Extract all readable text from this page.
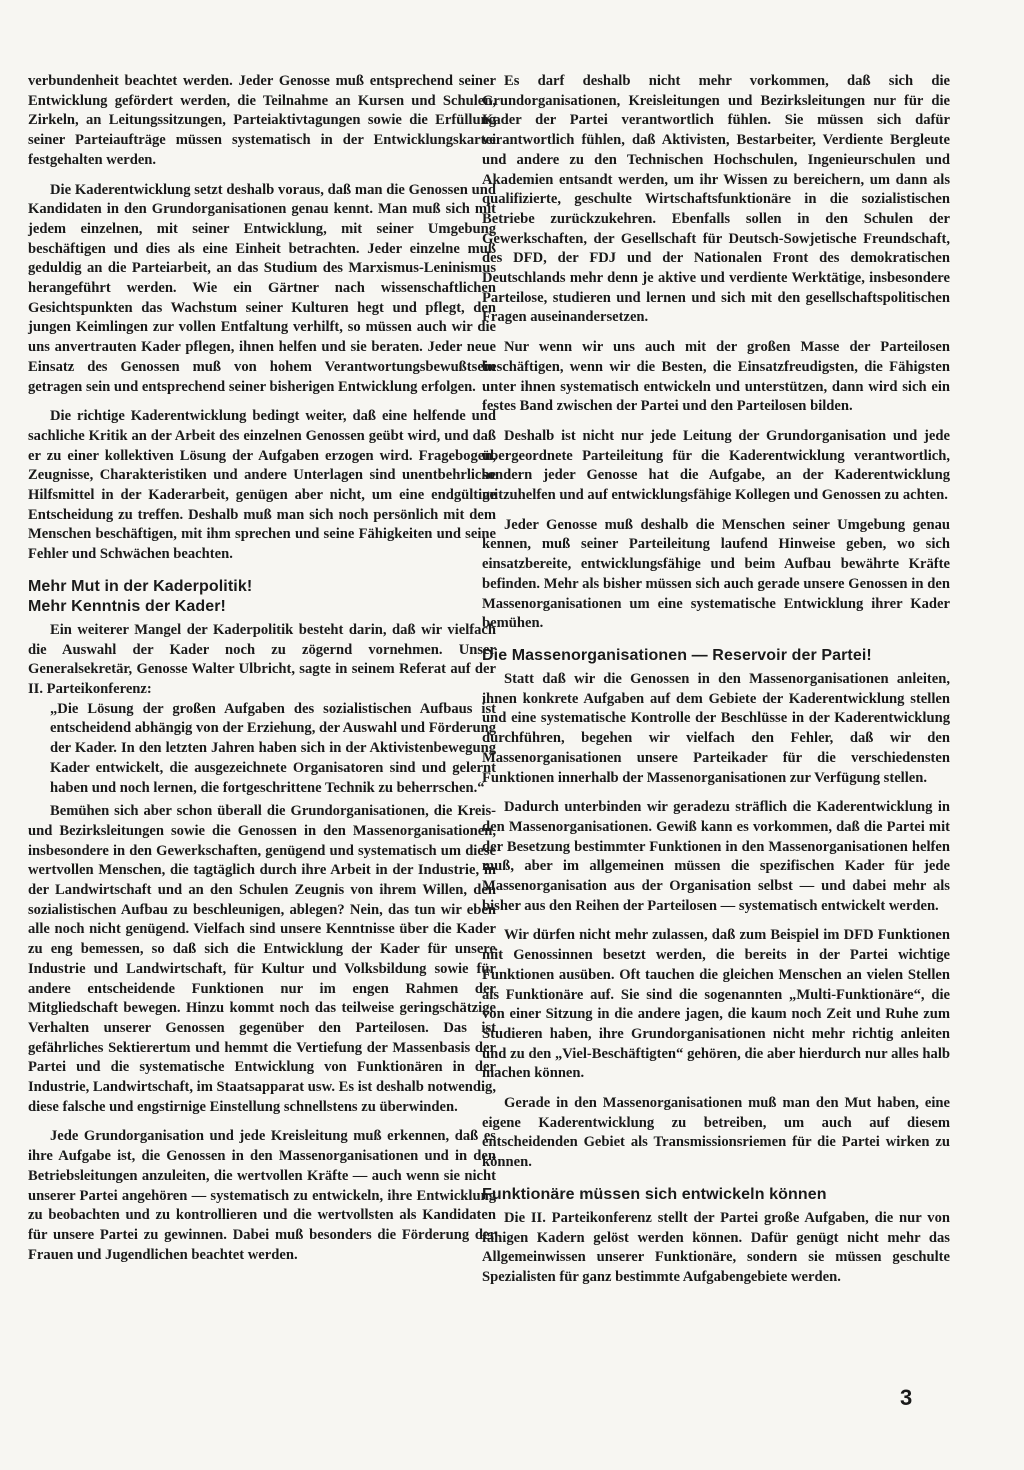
verbundenheit beachtet werden. Jeder Genosse muß entsprechend seiner Entwicklung gefördert werden, die Teilnahme an Kursen und Schulen, Zirkeln, an Leitungssitzungen, Parteiaktivtagungen sowie die Erfüllung seiner Parteiaufträge müssen systematisch in der Entwicklungskartei festgehalten werden.

Die Kaderentwicklung setzt deshalb voraus, daß man die Genossen und Kandidaten in den Grundorganisationen genau kennt. Man muß sich mit jedem einzelnen, mit seiner Entwicklung, mit seiner Umgebung beschäftigen und dies als eine Einheit betrachten. Jeder einzelne muß geduldig an die Parteiarbeit, an das Studium des Marxismus-Leninismus herangeführt werden. Wie ein Gärtner nach wissenschaftlichen Gesichtspunkten das Wachstum seiner Kulturen hegt und pflegt, den jungen Keimlingen zur vollen Entfaltung verhilft, so müssen auch wir die uns anvertrauten Kader pflegen, ihnen helfen und sie beraten. Jeder neue Einsatz des Genossen muß von hohem Verantwortungsbewußtsein getragen sein und entsprechend seiner bisherigen Entwicklung erfolgen.

Die richtige Kaderentwicklung bedingt weiter, daß eine helfende und sachliche Kritik an der Arbeit des einzelnen Genossen geübt wird, und daß er zu einer kollektiven Lösung der Aufgaben erzogen wird. Fragebogen, Zeugnisse, Charakteristiken und andere Unterlagen sind unentbehrliche Hilfsmittel in der Kaderarbeit, genügen aber nicht, um eine endgültige Entscheidung zu treffen. Deshalb muß man sich noch persönlich mit dem Menschen beschäftigen, mit ihm sprechen und seine Fähigkeiten und seine Fehler und Schwächen beachten.

Mehr Mut in der Kaderpolitik!
Mehr Kenntnis der Kader!

Ein weiterer Mangel der Kaderpolitik besteht darin, daß wir vielfach die Auswahl der Kader noch zu zögernd vornehmen. Unser Generalsekretär, Genosse Walter Ulbricht, sagte in seinem Referat auf der II. Parteikonferenz:

„Die Lösung der großen Aufgaben des sozialistischen Aufbaus ist entscheidend abhängig von der Erziehung, der Auswahl und Förderung der Kader. In den letzten Jahren haben sich in der Aktivistenbewegung Kader entwickelt, die ausgezeichnete Organisatoren sind und gelernt haben und noch lernen, die fortgeschrittene Technik zu beherrschen.“

Bemühen sich aber schon überall die Grundorganisationen, die Kreis- und Bezirksleitungen sowie die Genossen in den Massenorganisationen, insbesondere in den Gewerkschaften, genügend und systematisch um diese wertvollen Menschen, die tagtäglich durch ihre Arbeit in der Industrie, in der Landwirtschaft und an den Schulen Zeugnis von ihrem Willen, den sozialistischen Aufbau zu beschleunigen, ablegen? Nein, das tun wir eben alle noch nicht genügend. Vielfach sind unsere Kenntnisse über die Kader zu eng bemessen, so daß sich die Entwicklung der Kader für unsere Industrie und Landwirtschaft, für Kultur und Volksbildung sowie für andere entscheidende Funktionen nur im engen Rahmen der Mitgliedschaft bewegen. Hinzu kommt noch das teilweise geringschätzige Verhalten unserer Genossen gegenüber den Parteilosen. Das ist gefährliches Sektierertum und hemmt die Vertiefung der Massenbasis der Partei und die systematische Entwicklung von Funktionären in der Industrie, Landwirtschaft, im Staatsapparat usw. Es ist deshalb notwendig, diese falsche und engstirnige Einstellung schnellstens zu überwinden.

Jede Grundorganisation und jede Kreisleitung muß erkennen, daß es ihre Aufgabe ist, die Genossen in den Massenorganisationen und in den Betriebsleitungen anzuleiten, die wertvollen Kräfte — auch wenn sie nicht unserer Partei angehören — systematisch zu entwickeln, ihre Entwicklung zu beobachten und zu kontrollieren und die wertvollsten als Kandidaten für unsere Partei zu gewinnen. Dabei muß besonders die Förderung der Frauen und Jugendlichen beachtet werden.

Es darf deshalb nicht mehr vorkommen, daß sich die Grundorganisationen, Kreisleitungen und Bezirksleitungen nur für die Kader der Partei verantwortlich fühlen. Sie müssen sich dafür verantwortlich fühlen, daß Aktivisten, Bestarbeiter, Verdiente Bergleute und andere zu den Technischen Hochschulen, Ingenieurschulen und Akademien entsandt werden, um ihr Wissen zu bereichern, um dann als qualifizierte, geschulte Wirtschaftsfunktionäre in die sozialistischen Betriebe zurückzukehren. Ebenfalls sollen in den Schulen der Gewerkschaften, der Gesellschaft für Deutsch-Sowjetische Freundschaft, des DFD, der FDJ und der Nationalen Front des demokratischen Deutschlands mehr denn je aktive und verdiente Werktätige, insbesondere Parteilose, studieren und lernen und sich mit den gesellschaftspolitischen Fragen auseinandersetzen.

Nur wenn wir uns auch mit der großen Masse der Parteilosen beschäftigen, wenn wir die Besten, die Einsatzfreudigsten, die Fähigsten unter ihnen systematisch entwickeln und unterstützen, dann wird sich ein festes Band zwischen der Partei und den Parteilosen bilden.

Deshalb ist nicht nur jede Leitung der Grundorganisation und jede übergeordnete Parteileitung für die Kaderentwicklung verantwortlich, sondern jeder Genosse hat die Aufgabe, an der Kaderentwicklung mitzuhelfen und auf entwicklungsfähige Kollegen und Genossen zu achten.

Jeder Genosse muß deshalb die Menschen seiner Umgebung genau kennen, muß seiner Parteileitung laufend Hinweise geben, wo sich einsatzbereite, entwicklungsfähige und beim Aufbau bewährte Kräfte befinden. Mehr als bisher müssen sich auch gerade unsere Genossen in den Massenorganisationen um eine systematische Entwicklung ihrer Kader bemühen.

Die Massenorganisationen — Reservoir der Partei!

Statt daß wir die Genossen in den Massenorganisationen anleiten, ihnen konkrete Aufgaben auf dem Gebiete der Kaderentwicklung stellen und eine systematische Kontrolle der Beschlüsse in der Kaderentwicklung durchführen, begehen wir vielfach den Fehler, daß wir den Massenorganisationen unsere Parteikader für die verschiedensten Funktionen innerhalb der Massenorganisationen zur Verfügung stellen.

Dadurch unterbinden wir geradezu sträflich die Kaderentwicklung in den Massenorganisationen. Gewiß kann es vorkommen, daß die Partei mit der Besetzung bestimmter Funktionen in den Massenorganisationen helfen muß, aber im allgemeinen müssen die spezifischen Kader für jede Massenorganisation aus der Organisation selbst — und dabei mehr als bisher aus den Reihen der Parteilosen — systematisch entwickelt werden.

Wir dürfen nicht mehr zulassen, daß zum Beispiel im DFD Funktionen mit Genossinnen besetzt werden, die bereits in der Partei wichtige Funktionen ausüben. Oft tauchen die gleichen Menschen an vielen Stellen als Funktionäre auf. Sie sind die sogenannten „Multi-Funktionäre“, die von einer Sitzung in die andere jagen, die kaum noch Zeit und Ruhe zum Studieren haben, ihre Grundorganisationen nicht mehr richtig anleiten und zu den „Viel-Beschäftigten“ gehören, die aber hierdurch nur alles halb machen können.

Gerade in den Massenorganisationen muß man den Mut haben, eine eigene Kaderentwicklung zu betreiben, um auch auf diesem entscheidenden Gebiet als Transmissionsriemen für die Partei wirken zu können.

Funktionäre müssen sich entwickeln können

Die II. Parteikonferenz stellt der Partei große Aufgaben, die nur von fähigen Kadern gelöst werden können. Dafür genügt nicht mehr das Allgemeinwissen unserer Funktionäre, sondern sie müssen geschulte Spezialisten für ganz bestimmte Aufgabengebiete werden.

3
